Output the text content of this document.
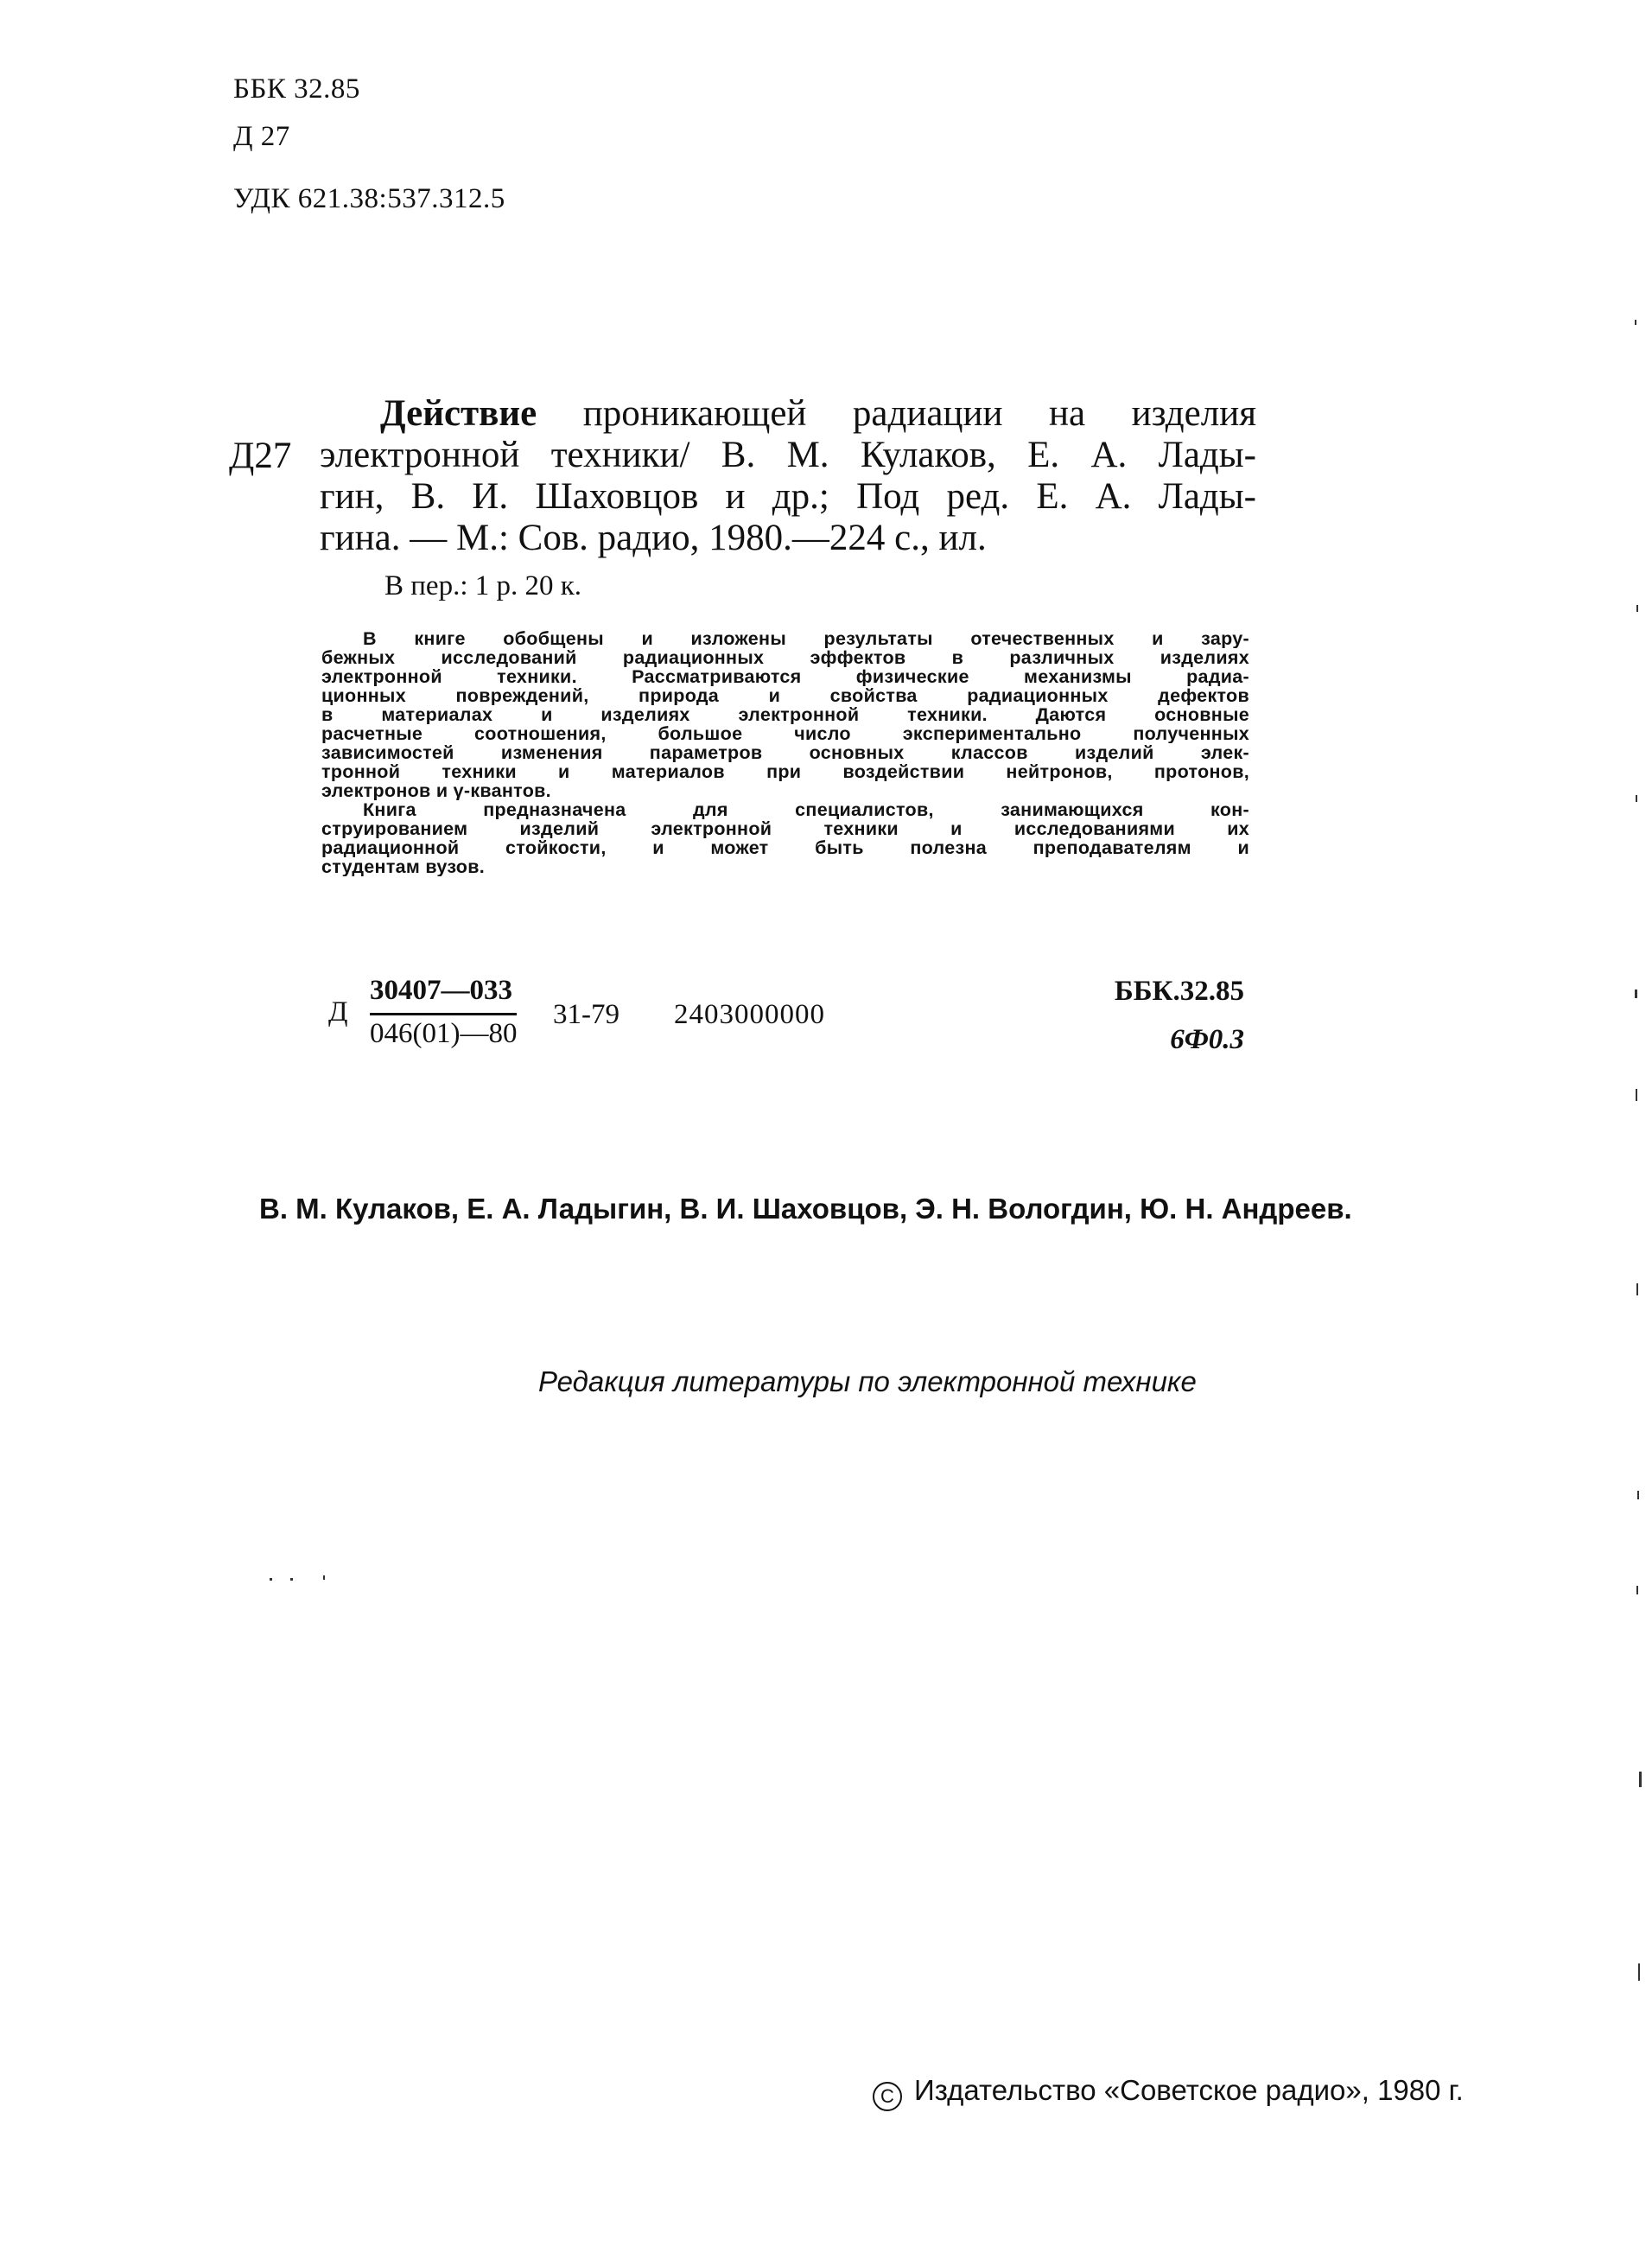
ББК 32.85
Д 27
УДК 621.38:537.312.5
Д27
Действие проникающей радиации на изделия
электронной техники/ В. М. Кулаков, Е. А. Лады-
гин, В. И. Шаховцов и др.; Под ред. Е. А. Лады-
гина. — М.: Сов. радио, 1980.—224 с., ил.
В пер.: 1 р. 20 к.
В книге обобщены и изложены результаты отечественных и зару-
бежных исследований радиационных эффектов в различных изделиях
электронной техники. Рассматриваются физические механизмы радиа-
ционных повреждений, природа и свойства радиационных дефектов
в материалах и изделиях электронной техники. Даются основные
расчетные соотношения, большое число экспериментально полученных
зависимостей изменения параметров основных классов изделий элек-
тронной техники и материалов при воздействии нейтронов, протонов,
электронов и γ-квантов.
Книга предназначена для специалистов, занимающихся кон-
струированием изделий электронной техники и исследованиями их
радиационной стойкости, и может быть полезна преподавателям и
студентам вузов.
Д
30407—033
046(01)—80
31-79 2403000000
ББК.32.85
6Ф0.3
В. М. Кулаков, Е. А. Ладыгин, В. И. Шаховцов, Э. Н. Вологдин, Ю. Н. Андреев.
Редакция литературы по электронной технике
C Издательство «Советское радио», 1980 г.
